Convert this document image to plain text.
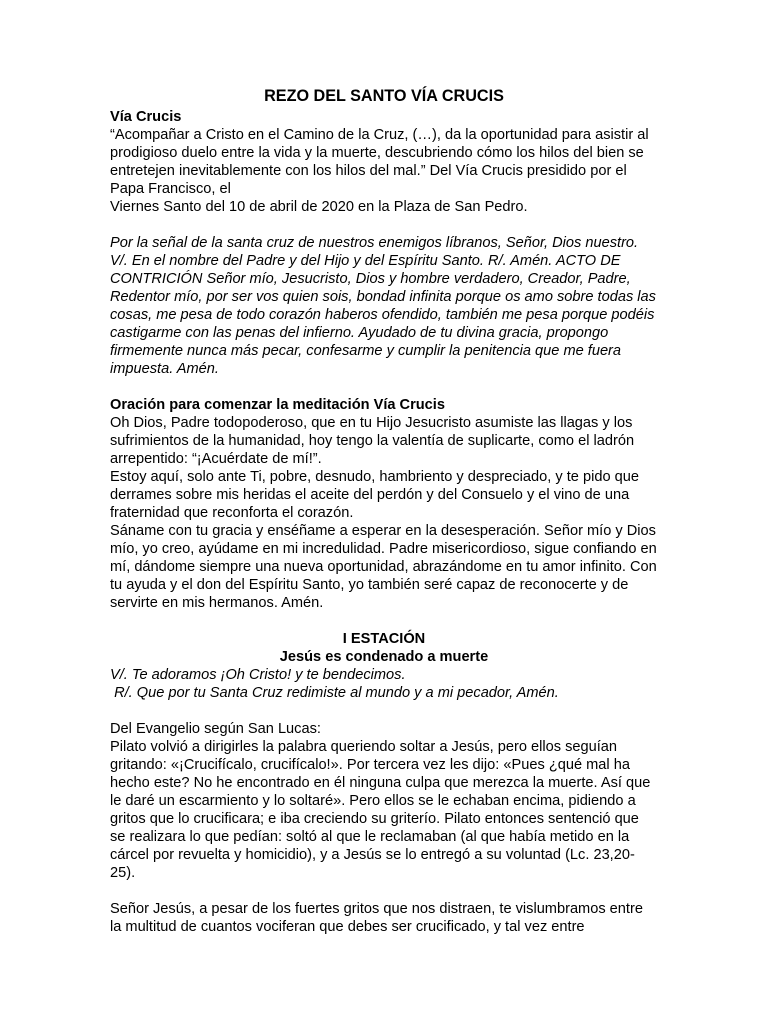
REZO DEL SANTO VÍA CRUCIS

Vía Crucis

“Acompañar a Cristo en el Camino de la Cruz, (…), da la oportunidad para asistir al prodigioso duelo entre la vida y la muerte, descubriendo cómo los hilos del bien se entretejen inevitablemente con los hilos del mal.” Del Vía Crucis presidido por el Papa Francisco, el

Viernes Santo del 10 de abril de 2020 en la Plaza de San Pedro.

Por la señal de la santa cruz de nuestros enemigos líbranos, Señor, Dios nuestro. V/. En el nombre del Padre y del Hijo y del Espíritu Santo. R/. Amén. ACTO DE CONTRICIÓN Señor mío, Jesucristo, Dios y hombre verdadero, Creador, Padre, Redentor mío, por ser vos quien sois, bondad infinita porque os amo sobre todas las cosas, me pesa de todo corazón haberos ofendido, también me pesa porque podéis castigarme con las penas del infierno. Ayudado de tu divina gracia, propongo firmemente nunca más pecar, confesarme y cumplir la penitencia que me fuera impuesta. Amén.

Oración para comenzar la meditación Vía Crucis

Oh Dios, Padre todopoderoso, que en tu Hijo Jesucristo asumiste las llagas y los sufrimientos de la humanidad, hoy tengo la valentía de suplicarte, como el ladrón arrepentido: “¡Acuérdate de mí!”.

Estoy aquí, solo ante Ti, pobre, desnudo, hambriento y despreciado, y te pido que derrames sobre mis heridas el aceite del perdón y del Consuelo y el vino de una fraternidad que reconforta el corazón.

Sáname con tu gracia y enséñame a esperar en la desesperación. Señor mío y Dios mío, yo creo, ayúdame en mi incredulidad. Padre misericordioso, sigue confiando en mí, dándome siempre una nueva oportunidad, abrazándome en tu amor infinito. Con tu ayuda y el don del Espíritu Santo, yo también seré capaz de reconocerte y de servirte en mis hermanos. Amén.

I ESTACIÓN

Jesús es condenado a muerte

V/. Te adoramos ¡Oh Cristo! y te bendecimos.

R/. Que por tu Santa Cruz redimiste al mundo y a mi pecador, Amén.

Del Evangelio según San Lucas:

Pilato volvió a dirigirles la palabra queriendo soltar a Jesús, pero ellos seguían gritando: «¡Crucifícalo, crucifícalo!». Por tercera vez les dijo: «Pues ¿qué mal ha hecho este? No he encontrado en él ninguna culpa que merezca la muerte. Así que le daré un escarmiento y lo soltaré». Pero ellos se le echaban encima, pidiendo a gritos que lo crucificara; e iba creciendo su griterío. Pilato entonces sentenció que se realizara lo que pedían: soltó al que le reclamaban (al que había metido en la cárcel por revuelta y homicidio), y a Jesús se lo entregó a su voluntad (Lc. 23,20-25).

Señor Jesús, a pesar de los fuertes gritos que nos distraen, te vislumbramos entre la multitud de cuantos vociferan que debes ser crucificado, y tal vez entre
